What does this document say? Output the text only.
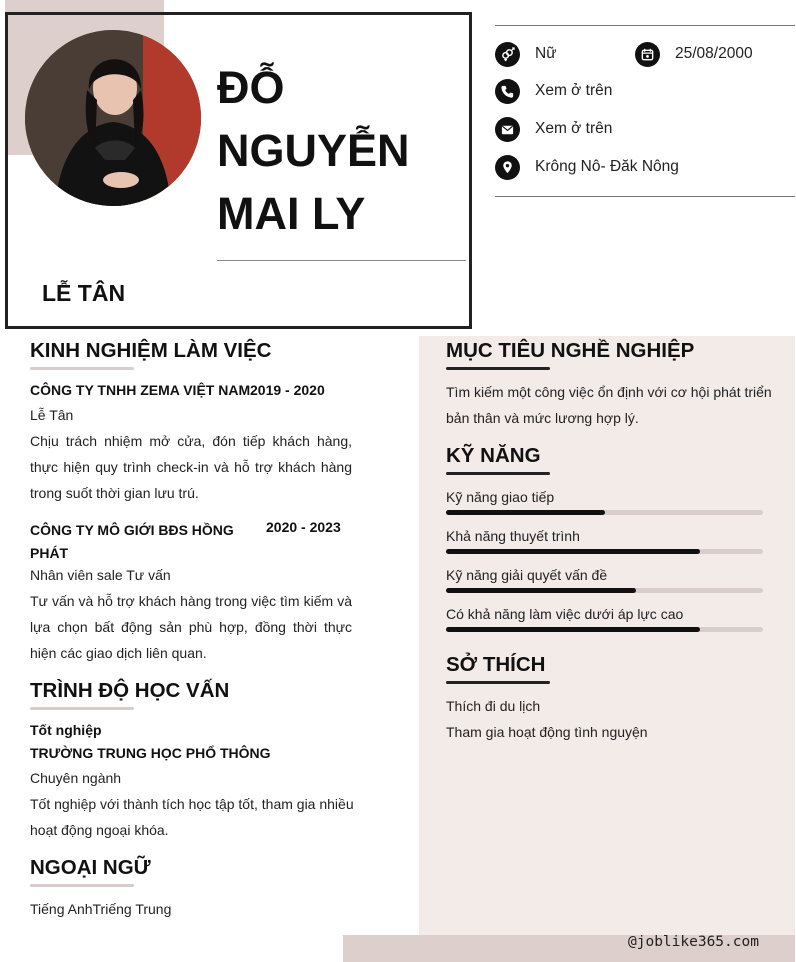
ĐỖ
NGUYỄN
MAI LY
LỄ TÂN
Nữ	25/08/2000
Xem ở trên
Xem ở trên
Krông Nô- Đăk Nông
@joblike365.com
KINH NGHIỆM LÀM VIỆC
CÔNG TY TNHH ZEMA VIỆT NAM 2019 - 2020
Lễ Tân
Chịu trách nhiệm mở cửa, đón tiếp khách hàng, thực hiện quy trình check-in và hỗ trợ khách hàng trong suốt thời gian lưu trú.
CÔNG TY MÔ GIỚI BĐS HỒNG PHÁT
2020 - 2023
Nhân viên sale Tư vấn
Tư vấn và hỗ trợ khách hàng trong việc tìm kiếm và lựa chọn bất động sản phù hợp, đồng thời thực hiện các giao dịch liên quan.
TRÌNH ĐỘ HỌC VẤN
Tốt nghiệp
TRƯỜNG TRUNG HỌC PHỔ THÔNG
Chuyên ngành
Tốt nghiệp với thành tích học tập tốt, tham gia nhiều hoạt động ngoại khóa.
NGOẠI NGỮ
Tiếng AnhTriếng Trung
MỤC TIÊU NGHỀ NGHIỆP
Tìm kiếm một công việc ổn định với cơ hội phát triển bản thân và mức lương hợp lý.
KỸ NĂNG
Kỹ năng giao tiếp
Khả năng thuyết trình
Kỹ năng giải quyết vấn đề
Có khả năng làm việc dưới áp lực cao
SỞ THÍCH
Thích đi du lịch
Tham gia hoạt động tình nguyện
